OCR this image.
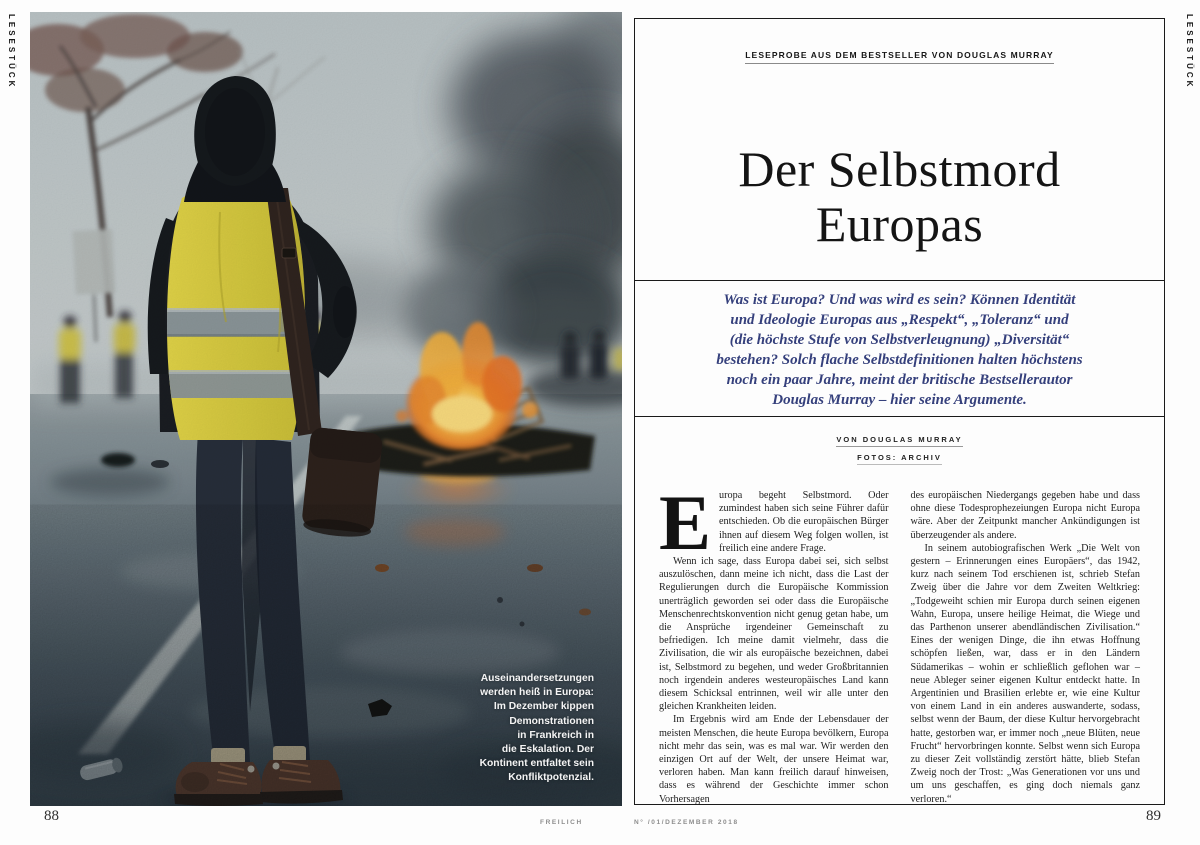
LESESTÜCK	LESESTÜCK
Auseinandersetzungen
werden heiß in Europa:
Im Dezember kippen
Demonstrationen
in Frankreich in
die Eskalation. Der
Kontinent entfaltet sein
Konfliktpotenzial.
LESEPROBE AUS DEM BESTSELLER VON DOUGLAS MURRAY
Der Selbstmord
Europas
Was ist Europa? Und was wird es sein? Können Identität
und Ideologie Europas aus „Respekt“, „Toleranz“ und
(die höchste Stufe von Selbstverleugnung) „Diversität“
bestehen? Solch flache Selbstdefinitionen halten höchstens
noch ein paar Jahre, meint der britische Bestsellerautor
Douglas Murray – hier seine Argumente.
VON DOUGLAS MURRAY
FOTOS: ARCHIV

Europa begeht Selbstmord. Oder zumindest haben sich seine Führer dafür entschieden. Ob die europäischen Bürger ihnen auf diesem Weg folgen wollen, ist freilich eine andere Frage.

Wenn ich sage, dass Europa dabei sei, sich selbst auszulöschen, dann meine ich nicht, dass die Last der Regulierungen durch die Europäische Kommission unerträglich geworden sei oder dass die Europäische Menschenrechtskonvention nicht genug getan habe, um die Ansprüche irgendeiner Gemeinschaft zu befriedigen. Ich meine damit vielmehr, dass die Zivilisation, die wir als europäische bezeichnen, dabei ist, Selbstmord zu begehen, und weder Großbritannien noch irgendein anderes westeuropäisches Land kann diesem Schicksal entrinnen, weil wir alle unter den gleichen Krankheiten leiden.

Im Ergebnis wird am Ende der Lebensdauer der meisten Menschen, die heute Europa bevölkern, Europa nicht mehr das sein, was es mal war. Wir werden den einzigen Ort auf der Welt, der unsere Heimat war, verloren haben. Man kann freilich darauf hinweisen, dass es während der Geschichte immer schon Vorhersagen

des europäischen Niedergangs gegeben habe und dass ohne diese Todesprophezeiungen Europa nicht Europa wäre. Aber der Zeitpunkt mancher Ankündigungen ist überzeugender als andere.

In seinem autobiografischen Werk „Die Welt von gestern – Erinnerungen eines Europäers“, das 1942, kurz nach seinem Tod erschienen ist, schrieb Stefan Zweig über die Jahre vor dem Zweiten Weltkrieg: „Todgeweiht schien mir Europa durch seinen eigenen Wahn, Europa, unsere heilige Heimat, die Wiege und das Parthenon unserer abendländischen Zivilisation.“ Eines der wenigen Dinge, die ihn etwas Hoffnung schöpfen ließen, war, dass er in den Ländern Südamerikas – wohin er schließlich geflohen war – neue Ableger seiner eigenen Kultur entdeckt hatte. In Argentinien und Brasilien erlebte er, wie eine Kultur von einem Land in ein anderes auswanderte, sodass, selbst wenn der Baum, der diese Kultur hervorgebracht hatte, gestorben war, er immer noch „neue Blüten, neue Frucht“ hervorbringen konnte. Selbst wenn sich Europa zu dieser Zeit vollständig zerstört hätte, blieb Stefan Zweig noch der Trost: „Was Generationen vor uns und um uns geschaffen, es ging doch niemals ganz verloren.“

88	FREILICH	N° /01/DEZEMBER 2018	89
